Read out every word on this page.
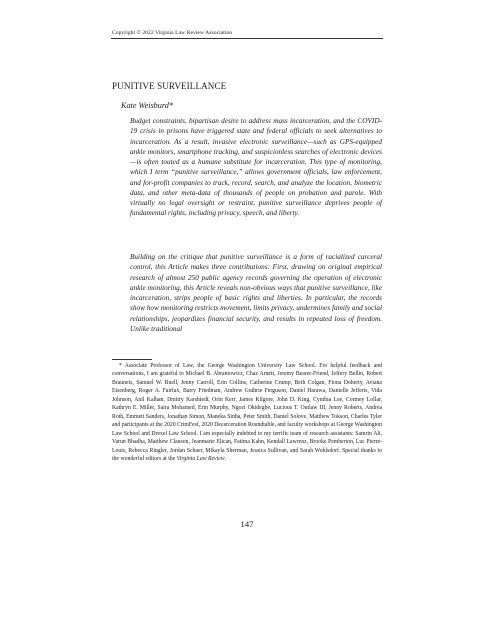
Copyright © 2022 Virginia Law Review Association
PUNITIVE SURVEILLANCE
Kate Weisburd*

Budget constraints, bipartisan desire to address mass incarceration, and the COVID-19 crisis in prisons have triggered state and federal officials to seek alternatives to incarceration. As a result, invasive electronic surveillance—such as GPS-equipped ankle monitors, smartphone tracking, and suspicionless searches of electronic devices—is often touted as a humane substitute for incarceration. This type of monitoring, which I term “punitive surveillance,” allows government officials, law enforcement, and for-profit companies to track, record, search, and analyze the location, biometric data, and other meta-data of thousands of people on probation and parole. With virtually no legal oversight or restraint, punitive surveillance deprives people of fundamental rights, including privacy, speech, and liberty.

Building on the critique that punitive surveillance is a form of racialized carceral control, this Article makes three contributions: First, drawing on original empirical research of almost 250 public agency records governing the operation of electronic ankle monitoring, this Article reveals non-obvious ways that punitive surveillance, like incarceration, strips people of basic rights and liberties. In particular, the records show how monitoring restricts movement, limits privacy, undermines family and social relationships, jeopardizes financial security, and results in repeated loss of freedom. Unlike traditional

* Associate Professor of Law, the George Washington University Law School. For helpful feedback and conversations, I am grateful to Michael B. Abramowicz, Chaz Arnett, Jeremy Bearer-Friend, Jeffery Bellin, Robert Brauneis, Samuel W. Buell, Jenny Carroll, Erin Collins, Catherine Crump, Beth Colgan, Fiona Doherty, Aviana Eisenberg, Roger A. Fairfax, Barry Friedman, Andrew Guthrie Ferguson, Daniel Harawa, Danielle Jefferis, Vida Johnson, Anil Kalhan, Dmitry Karshtedt, Orin Kerr, James Kilgore, John D. King, Cynthia Lee, Cortney Lollar, Kathryn E. Miller, Saira Mohamed, Erin Murphy, Ngozi Okidegbe, Lucious T. Outlaw III, Jenny Roberts, Andrea Roth, Emmett Sanders, Jonathan Simon, Maneka Sinha, Peter Smith, Daniel Solove, Matthew Tokson, Charles Tyler and participants at the 2020 CrimFest, 2020 Decarceration Roundtable, and faculty workshops at George Washington Law School and Drexel Law School. I am especially indebted to my terrific team of research assistants: Samrin Ali, Varun Bhadha, Matthew Clauson, Jeanmarie Elican, Fatima Kahn, Kendall Lawrenz, Brooke Pemberton, Luc Pierre-Louis, Rebecca Ringler, Jordan Schaer, Mikayla Sherman, Jessica Sullivan, and Sarah Wohlsdorf. Special thanks to the wonderful editors at the Virginia Law Review.

147
